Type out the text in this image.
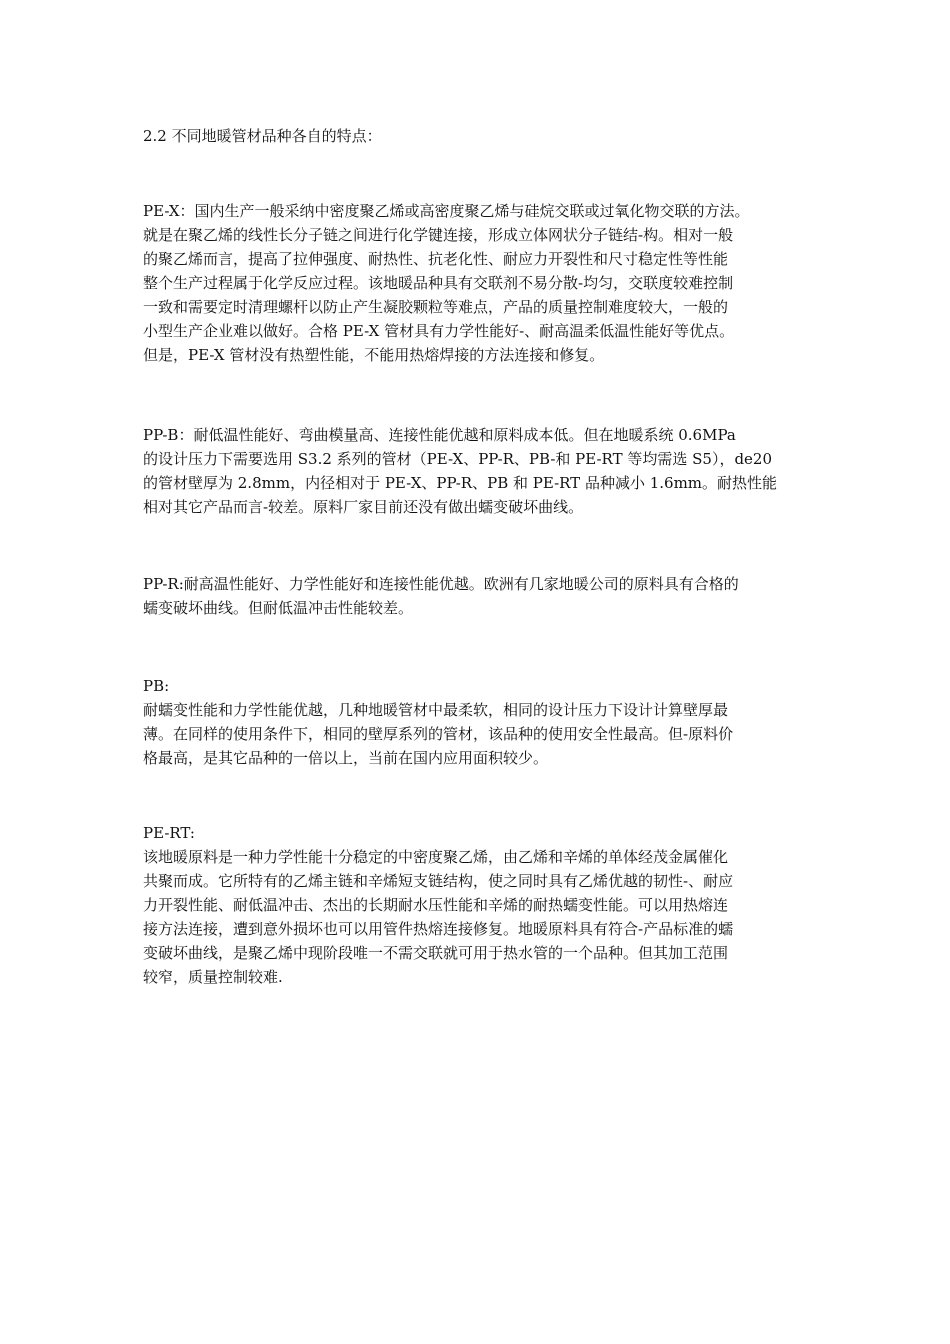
2.2 不同地暖管材品种各自的特点：

PE-X：国内生产一般采纳中密度聚乙烯或高密度聚乙烯与硅烷交联或过氧化物交联的方法。
就是在聚乙烯的线性长分子链之间进行化学键连接，形成立体网状分子链结-构。相对一般
的聚乙烯而言，提高了拉伸强度、耐热性、抗老化性、耐应力开裂性和尺寸稳定性等性能
整个生产过程属于化学反应过程。该地暖品种具有交联剂不易分散-均匀，交联度较难控制
一致和需要定时清理螺杆以防止产生凝胶颗粒等难点，产品的质量控制难度较大，一般的
小型生产企业难以做好。合格 PE-X 管材具有力学性能好-、耐高温柔低温性能好等优点。
但是，PE-X 管材没有热塑性能，不能用热熔焊接的方法连接和修复。
PP-B：耐低温性能好、弯曲模量高、连接性能优越和原料成本低。但在地暖系统 0.6MPa
的设计压力下需要选用 S3.2 系列的管材（PE-X、PP-R、PB-和 PE-RT 等均需选 S5），de20
的管材壁厚为 2.8mm，内径相对于 PE-X、PP-R、PB 和 PE-RT 品种减小 1.6mm。耐热性能
相对其它产品而言-较差。原料厂家目前还没有做出蠕变破坏曲线。
PP-R:耐高温性能好、力学性能好和连接性能优越。欧洲有几家地暖公司的原料具有合格的
蠕变破坏曲线。但耐低温冲击性能较差。
PB:
耐蠕变性能和力学性能优越，几种地暖管材中最柔软，相同的设计压力下设计计算壁厚最
薄。在同样的使用条件下，相同的壁厚系列的管材，该品种的使用安全性最高。但-原料价
格最高，是其它品种的一倍以上，当前在国内应用面积较少。
PE-RT:
该地暖原料是一种力学性能十分稳定的中密度聚乙烯，由乙烯和辛烯的单体经茂金属催化
共聚而成。它所特有的乙烯主链和辛烯短支链结构，使之同时具有乙烯优越的韧性-、耐应
力开裂性能、耐低温冲击、杰出的长期耐水压性能和辛烯的耐热蠕变性能。可以用热熔连
接方法连接，遭到意外损坏也可以用管件热熔连接修复。地暖原料具有符合-产品标准的蠕
变破坏曲线，是聚乙烯中现阶段唯一不需交联就可用于热水管的一个品种。但其加工范围
较窄，质量控制较难.
